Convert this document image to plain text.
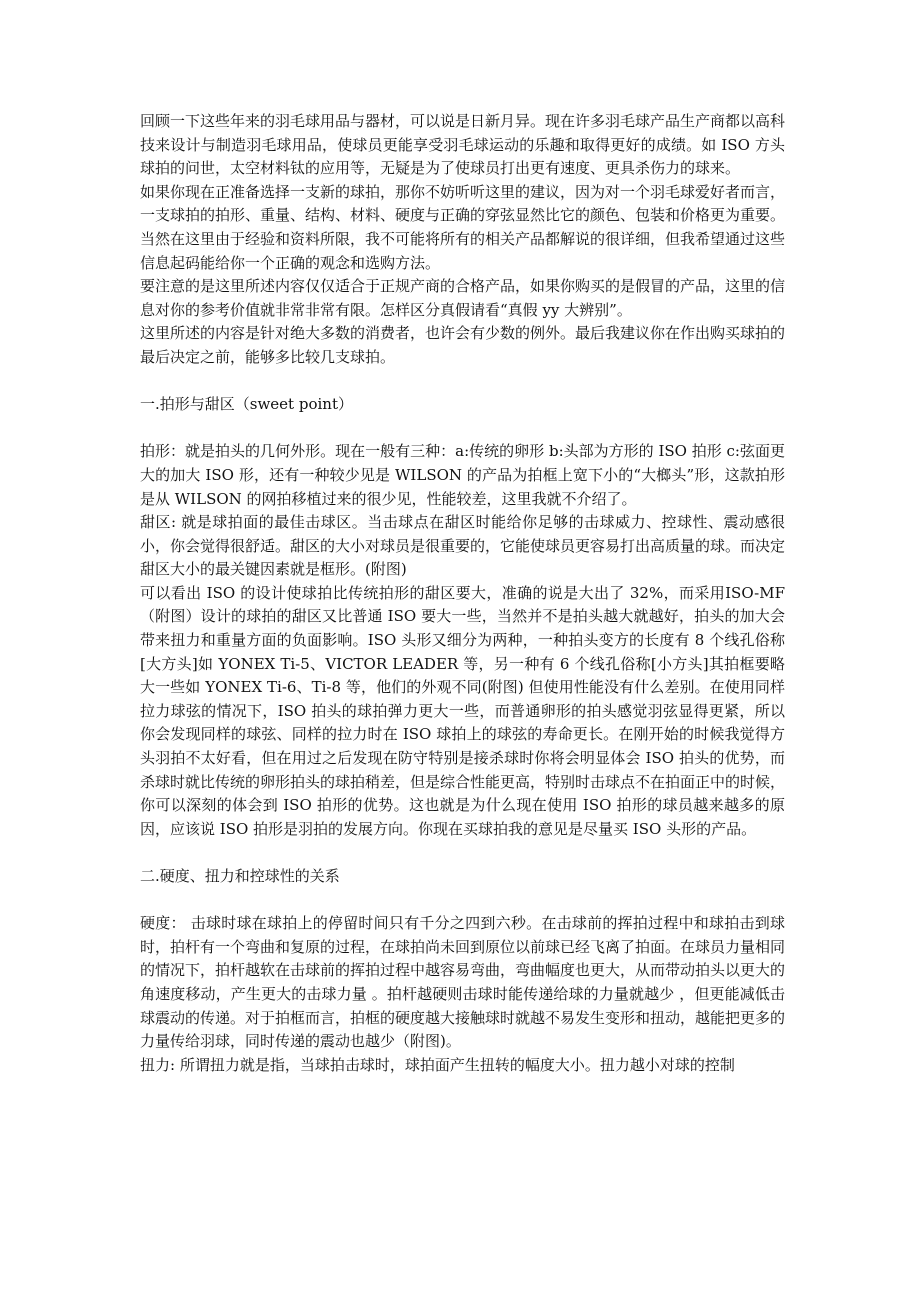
回顾一下这些年来的羽毛球用品与器材，可以说是日新月异。现在许多羽毛球产品生产商都以高科技来设计与制造羽毛球用品，使球员更能享受羽毛球运动的乐趣和取得更好的成绩。如 ISO 方头球拍的问世，太空材料钛的应用等，无疑是为了使球员打出更有速度、更具杀伤力的球来。

如果你现在正准备选择一支新的球拍，那你不妨听听这里的建议，因为对一个羽毛球爱好者而言，一支球拍的拍形、重量、结构、材料、硬度与正确的穿弦显然比它的颜色、包装和价格更为重要。

当然在这里由于经验和资料所限，我不可能将所有的相关产品都解说的很详细，但我希望通过这些信息起码能给你一个正确的观念和选购方法。

要注意的是这里所述内容仅仅适合于正规产商的合格产品，如果你购买的是假冒的产品，这里的信息对你的参考价值就非常非常有限。怎样区分真假请看“真假 yy 大辨别”。

这里所述的内容是针对绝大多数的消费者，也许会有少数的例外。最后我建议你在作出购买球拍的最后决定之前，能够多比较几支球拍。

一.拍形与甜区（sweet point）

拍形：就是拍头的几何外形。现在一般有三种：a:传统的卵形 b:头部为方形的 ISO 拍形 c:弦面更大的加大 ISO 形，还有一种较少见是 WILSON 的产品为拍框上宽下小的“大榔头”形，这款拍形是从 WILSON 的网拍移植过来的很少见，性能较差，这里我就不介绍了。

甜区: 就是球拍面的最佳击球区。当击球点在甜区时能给你足够的击球威力、控球性、震动感很小，你会觉得很舒适。甜区的大小对球员是很重要的，它能使球员更容易打出高质量的球。而决定甜区大小的最关键因素就是框形。(附图)

可以看出 ISO 的设计使球拍比传统拍形的甜区要大，准确的说是大出了 32%，而采用ISO-MF（附图）设计的球拍的甜区又比普通 ISO 要大一些，当然并不是拍头越大就越好，拍头的加大会带来扭力和重量方面的负面影响。ISO 头形又细分为两种，一种拍头变方的长度有 8 个线孔俗称[大方头]如 YONEX Ti-5、VICTOR LEADER 等，另一种有 6 个线孔俗称[小方头]其拍框要略大一些如 YONEX Ti-6、Ti-8 等，他们的外观不同(附图) 但使用性能没有什么差别。在使用同样拉力球弦的情况下，ISO 拍头的球拍弹力更大一些，而普通卵形的拍头感觉羽弦显得更紧，所以你会发现同样的球弦、同样的拉力时在 ISO 球拍上的球弦的寿命更长。在刚开始的时候我觉得方头羽拍不太好看，但在用过之后发现在防守特别是接杀球时你将会明显体会 ISO 拍头的优势，而杀球时就比传统的卵形拍头的球拍稍差，但是综合性能更高，特别时击球点不在拍面正中的时候，你可以深刻的体会到 ISO 拍形的优势。这也就是为什么现在使用 ISO 拍形的球员越来越多的原因，应该说 ISO 拍形是羽拍的发展方向。你现在买球拍我的意见是尽量买 ISO 头形的产品。

二.硬度、扭力和控球性的关系

硬度： 击球时球在球拍上的停留时间只有千分之四到六秒。在击球前的挥拍过程中和球拍击到球时，拍杆有一个弯曲和复原的过程，在球拍尚未回到原位以前球已经飞离了拍面。在球员力量相同的情况下，拍杆越软在击球前的挥拍过程中越容易弯曲，弯曲幅度也更大，从而带动拍头以更大的角速度移动，产生更大的击球力量 。拍杆越硬则击球时能传递给球的力量就越少 ，但更能减低击球震动的传递。对于拍框而言，拍框的硬度越大接触球时就越不易发生变形和扭动，越能把更多的力量传给羽球，同时传递的震动也越少（附图)。

扭力: 所谓扭力就是指，当球拍击球时，球拍面产生扭转的幅度大小。扭力越小对球的控制
